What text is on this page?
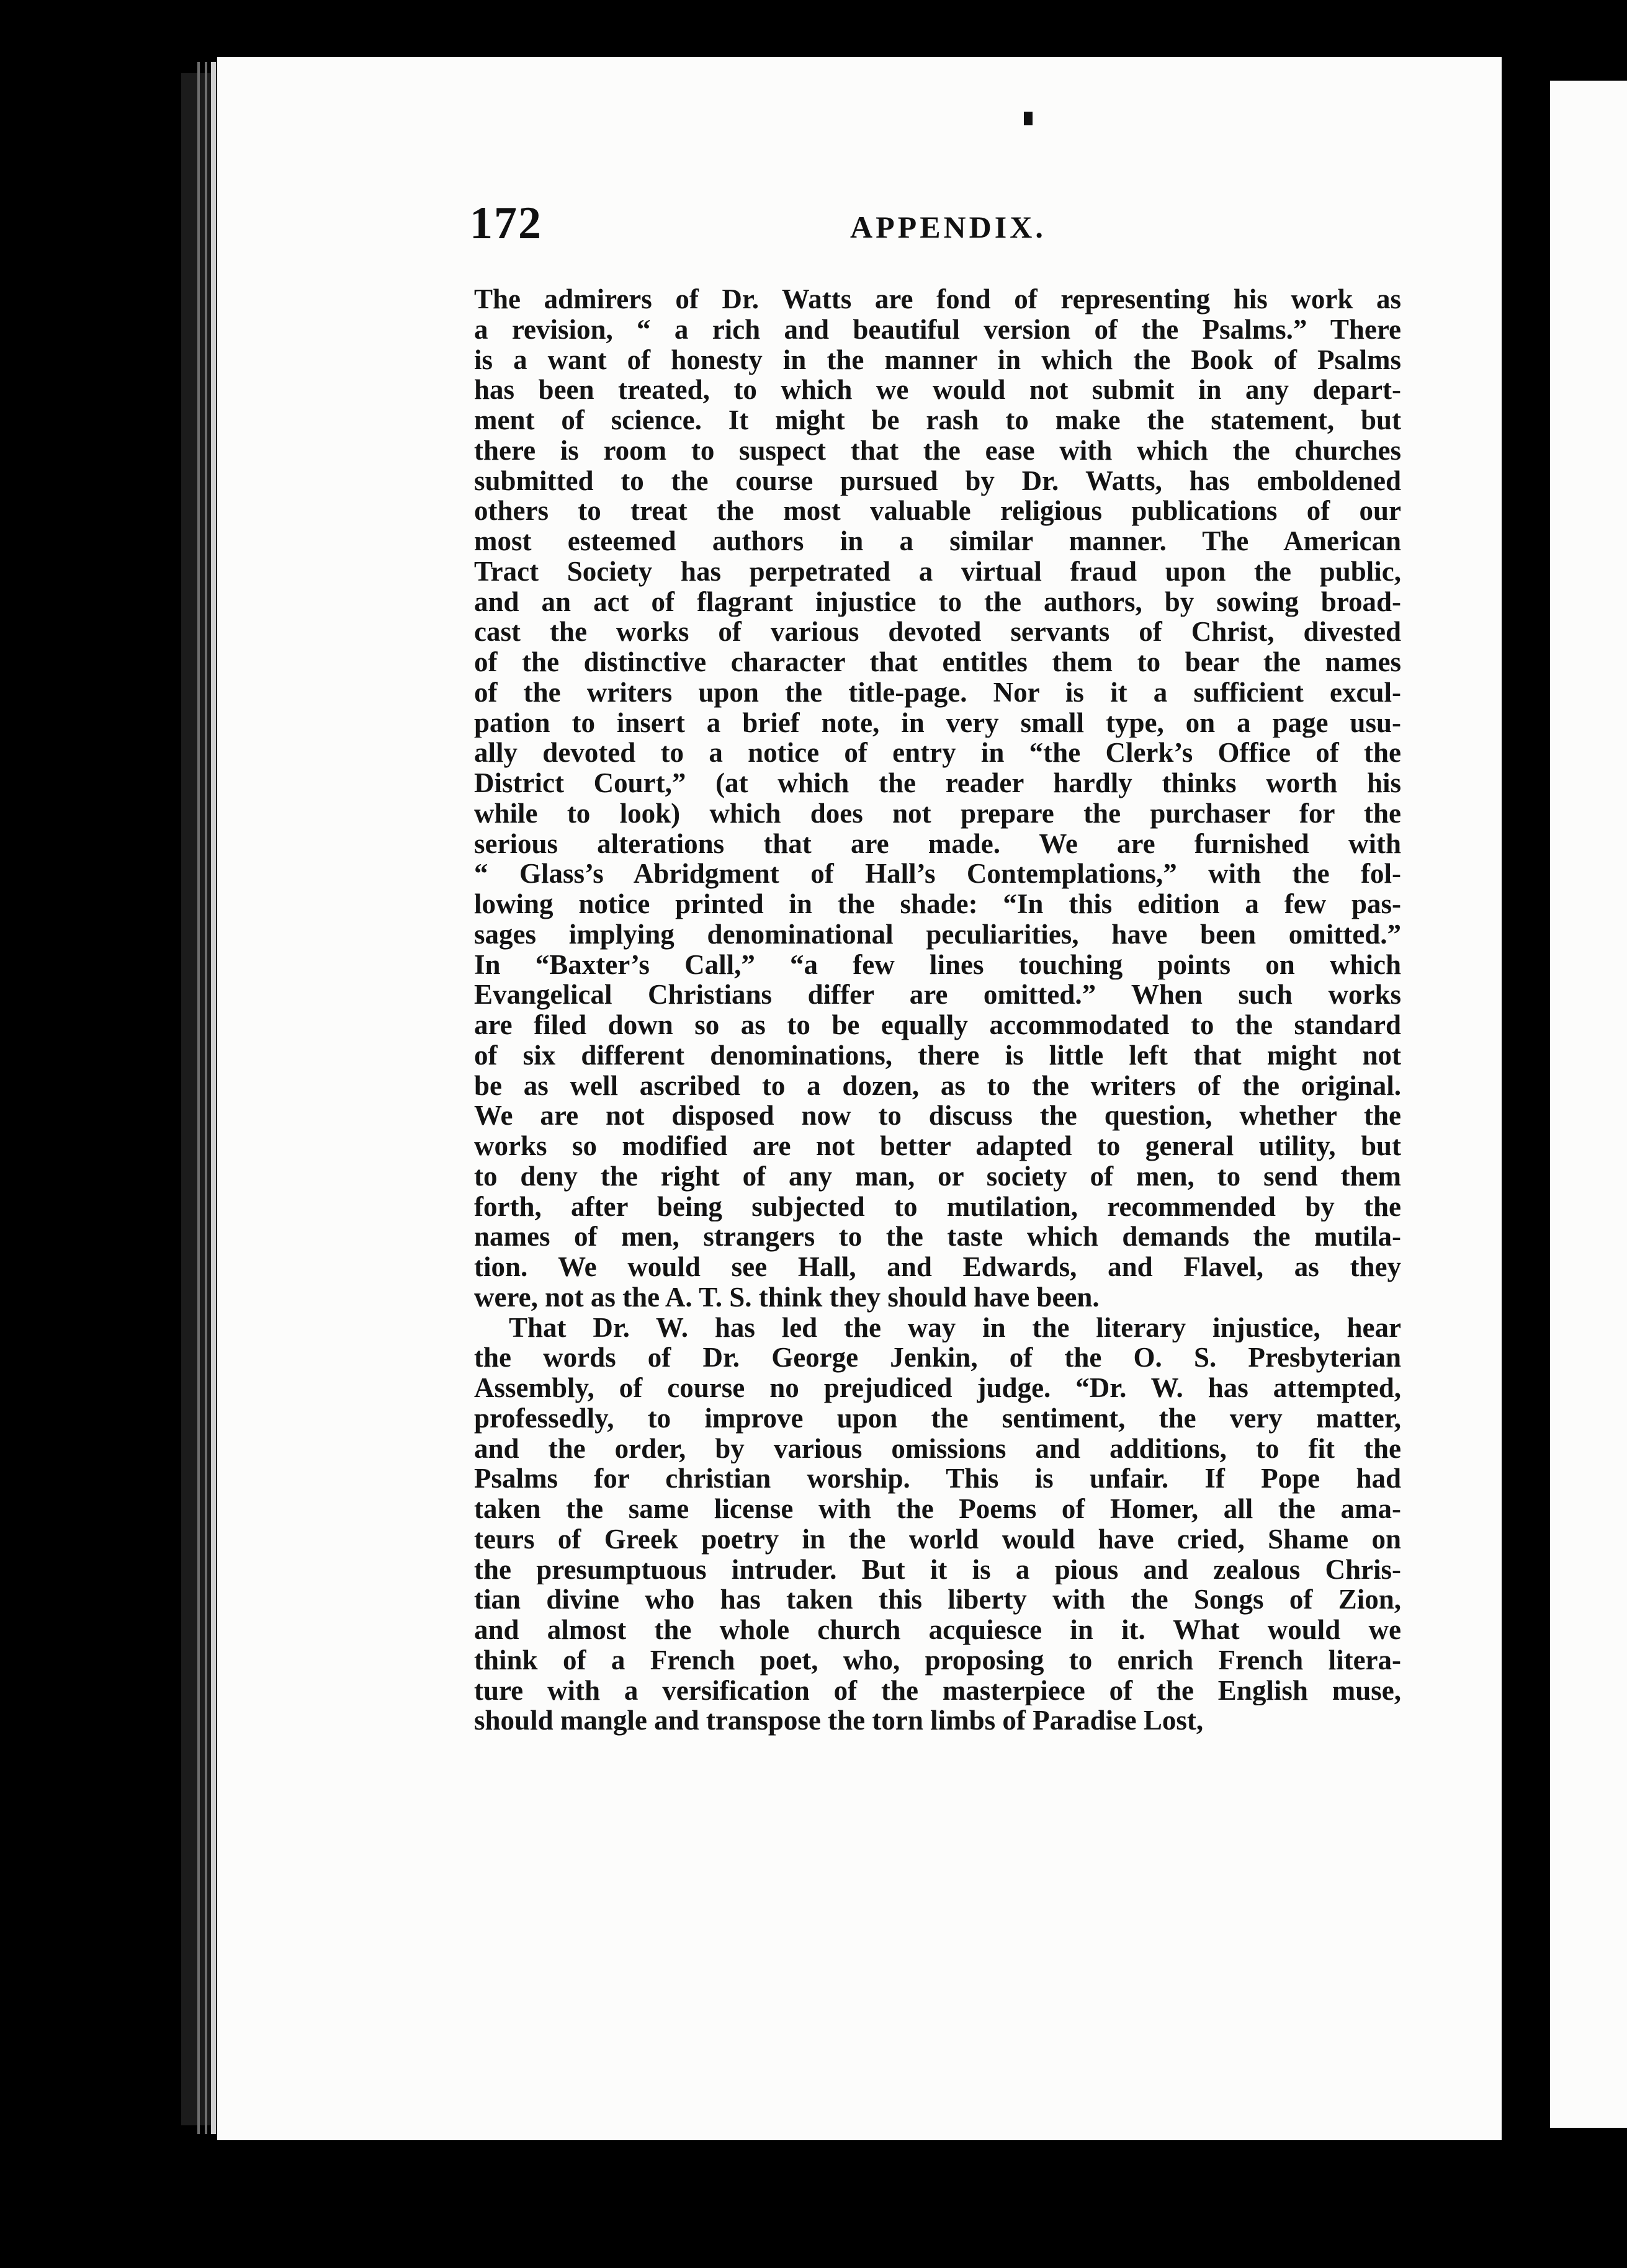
172	APPENDIX.
The admirers of Dr. Watts are fond of representing his work as
a revision, “ a rich and beautiful version of the Psalms.” There
is a want of honesty in the manner in which the Book of Psalms
has been treated, to which we would not submit in any depart-
ment of science. It might be rash to make the statement, but
there is room to suspect that the ease with which the churches
submitted to the course pursued by Dr. Watts, has emboldened
others to treat the most valuable religious publications of our
most esteemed authors in a similar manner. The American
Tract Society has perpetrated a virtual fraud upon the public,
and an act of flagrant injustice to the authors, by sowing broad-
cast the works of various devoted servants of Christ, divested
of the distinctive character that entitles them to bear the names
of the writers upon the title-page. Nor is it a sufficient excul-
pation to insert a brief note, in very small type, on a page usu-
ally devoted to a notice of entry in “the Clerk’s Office of the
District Court,” (at which the reader hardly thinks worth his
while to look) which does not prepare the purchaser for the
serious alterations that are made. We are furnished with
“ Glass’s Abridgment of Hall’s Contemplations,” with the fol-
lowing notice printed in the shade: “In this edition a few pas-
sages implying denominational peculiarities, have been omitted.”
In “Baxter’s Call,” “a few lines touching points on which
Evangelical Christians differ are omitted.” When such works
are filed down so as to be equally accommodated to the standard
of six different denominations, there is little left that might not
be as well ascribed to a dozen, as to the writers of the original.
We are not disposed now to discuss the question, whether the
works so modified are not better adapted to general utility, but
to deny the right of any man, or society of men, to send them
forth, after being subjected to mutilation, recommended by the
names of men, strangers to the taste which demands the mutila-
tion. We would see Hall, and Edwards, and Flavel, as they
were, not as the A. T. S. think they should have been.
That Dr. W. has led the way in the literary injustice, hear
the words of Dr. George Jenkin, of the O. S. Presbyterian
Assembly, of course no prejudiced judge. “Dr. W. has attempted,
professedly, to improve upon the sentiment, the very matter,
and the order, by various omissions and additions, to fit the
Psalms for christian worship. This is unfair. If Pope had
taken the same license with the Poems of Homer, all the ama-
teurs of Greek poetry in the world would have cried, Shame on
the presumptuous intruder. But it is a pious and zealous Chris-
tian divine who has taken this liberty with the Songs of Zion,
and almost the whole church acquiesce in it. What would we
think of a French poet, who, proposing to enrich French litera-
ture with a versification of the masterpiece of the English muse,
should mangle and transpose the torn limbs of Paradise Lost,
